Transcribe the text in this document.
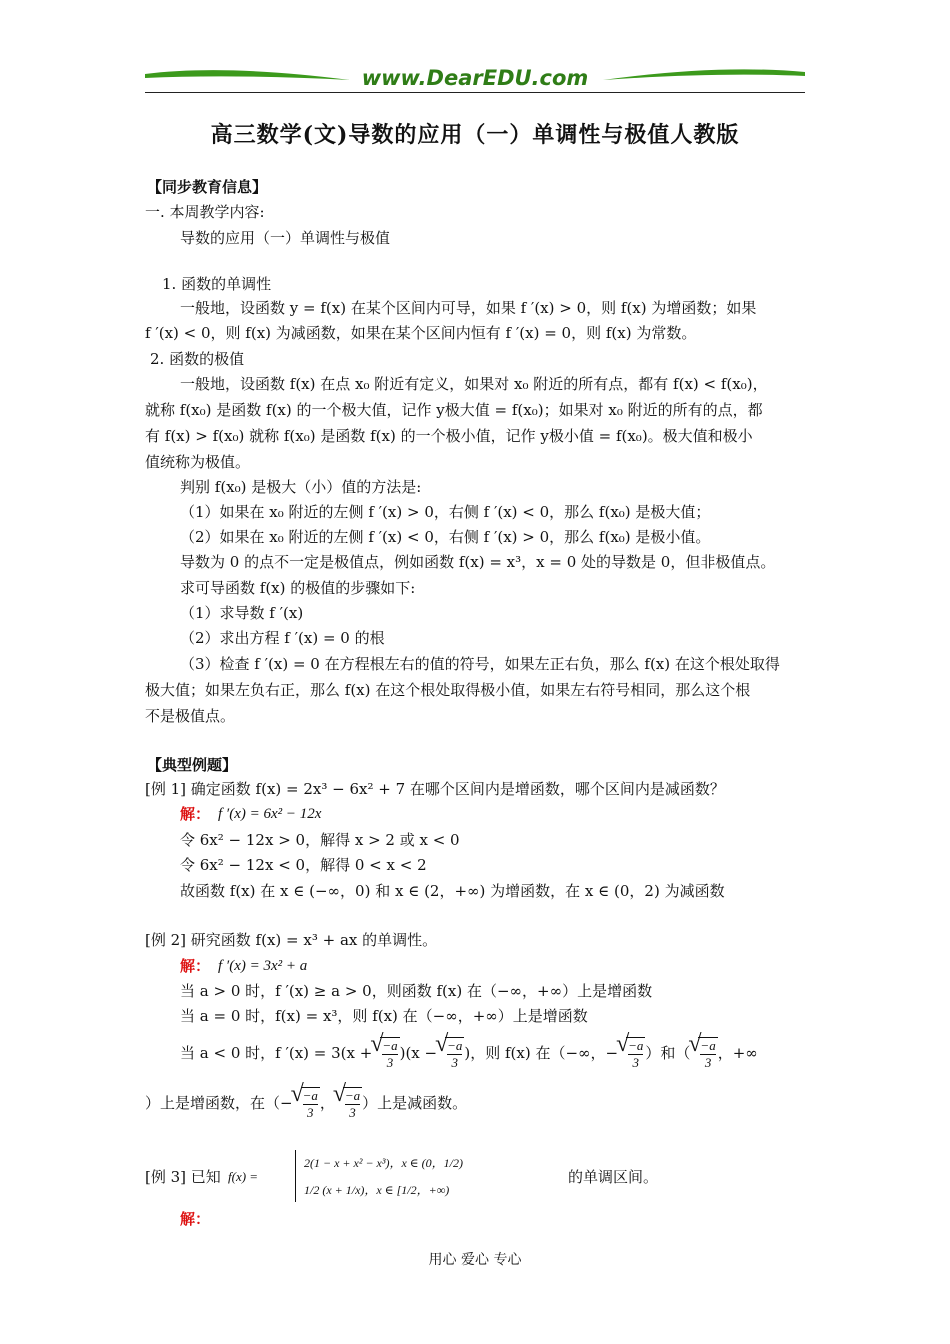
www.DearEDU.com
高三数学(文)导数的应用（一）单调性与极值人教版
【同步教育信息】
一. 本周教学内容:
导数的应用（一）单调性与极值
1. 函数的单调性
一般地，设函数 y = f(x) 在某个区间内可导，如果 f ′(x) > 0，则 f(x) 为增函数；如果
f ′(x) < 0，则 f(x) 为减函数，如果在某个区间内恒有 f ′(x) = 0，则 f(x) 为常数。
2. 函数的极值
一般地，设函数 f(x) 在点 x₀ 附近有定义，如果对 x₀ 附近的所有点，都有 f(x) < f(x₀)，
就称 f(x₀) 是函数 f(x) 的一个极大值，记作 y极大值 = f(x₀)；如果对 x₀ 附近的所有的点，都
有 f(x) > f(x₀) 就称 f(x₀) 是函数 f(x) 的一个极小值，记作 y极小值 = f(x₀)。极大值和极小
值统称为极值。
判别 f(x₀) 是极大（小）值的方法是:
（1）如果在 x₀ 附近的左侧 f ′(x) > 0，右侧 f ′(x) < 0，那么 f(x₀) 是极大值；
（2）如果在 x₀ 附近的左侧 f ′(x) < 0，右侧 f ′(x) > 0，那么 f(x₀) 是极小值。
导数为 0 的点不一定是极值点，例如函数 f(x) = x³，x = 0 处的导数是 0，但非极值点。
求可导函数 f(x) 的极值的步骤如下:
（1）求导数 f ′(x)
（2）求出方程 f ′(x) = 0 的根
（3）检查 f ′(x) = 0 在方程根左右的值的符号，如果左正右负，那么 f(x) 在这个根处取得
极大值；如果左负右正，那么 f(x) 在这个根处取得极小值，如果左右符号相同，那么这个根
不是极值点。
【典型例题】
[例 1] 确定函数 f(x) = 2x³ − 6x² + 7 在哪个区间内是增函数，哪个区间内是减函数？
解： f ′(x) = 6x² − 12x
令 6x² − 12x > 0，解得 x > 2 或 x < 0
令 6x² − 12x < 0，解得 0 < x < 2
故函数 f(x) 在 x ∈ (−∞，0) 和 x ∈ (2，+∞) 为增函数，在 x ∈ (0，2) 为减函数
[例 2] 研究函数 f(x) = x³ + ax 的单调性。
解： f ′(x) = 3x² + a
当 a > 0 时，f ′(x) ≥ a > 0，则函数 f(x) 在（−∞，+∞）上是增函数
当 a = 0 时，f(x) = x³，则 f(x) 在（−∞，+∞）上是增函数
当 a < 0 时，f ′(x) = 3(x + √ $\frac{-a}{3} )(x$ − √ $\frac{-a}{3}$ )，则 f(x) 在（−∞，− √ $\frac{-a}{3}$ ）和（ √ $\frac{-a}{3}$ ，+∞
）上是增函数，在（− √ $\frac{-a}{3}$ ， √ $\frac{-a}{3}$ ）上是减函数。
[例 3] 已知 f(x) =
2(1 − x + x² − x³)，x ∈ (0，1/2)
1/2 (x + 1/x)，x ∈ [1/2，+∞)
的单调区间。
解：
用心 爱心 专心
